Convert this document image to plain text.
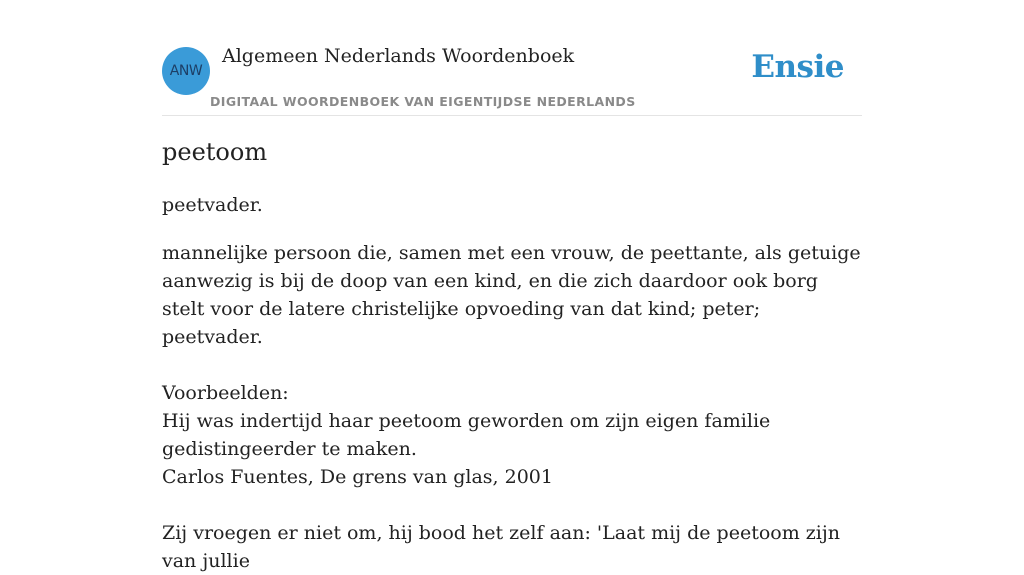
ANW
Algemeen Nederlands Woordenboek
DIGITAAL WOORDENBOEK VAN EIGENTIJDSE NEDERLANDS
Ensie
peetoom
peetvader.

mannelijke persoon die, samen met een vrouw, de peettante, als getuige aanwezig is bij de doop van een kind, en die zich daardoor ook borg stelt voor de latere christelijke opvoeding van dat kind; peter; peetvader.

Voorbeelden:

Hij was indertijd haar peetoom geworden om zijn eigen familie gedistingeerder te maken.

Carlos Fuentes, De grens van glas, 2001

Zij vroegen er niet om, hij bood het zelf aan: 'Laat mij de peetoom zijn van jullie
